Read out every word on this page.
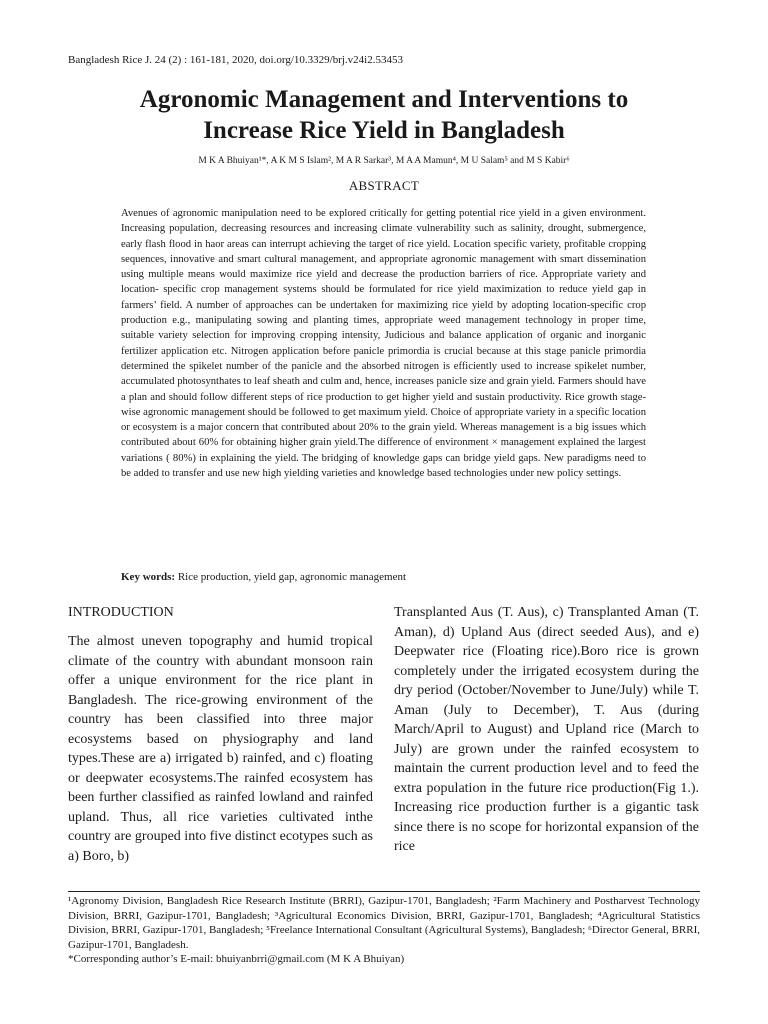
Bangladesh Rice J. 24 (2) : 161-181, 2020, doi.org/10.3329/brj.v24i2.53453
Agronomic Management and Interventions to
Increase Rice Yield in Bangladesh
M K A Bhuiyan¹*, A K M S Islam², M A R Sarkar³, M A A Mamun⁴, M U Salam⁵ and M S Kabir⁶
ABSTRACT

Avenues of agronomic manipulation need to be explored critically for getting potential rice yield in a given environment. Increasing population, decreasing resources and increasing climate vulnerability such as salinity, drought, submergence, early flash flood in haor areas can interrupt achieving the target of rice yield. Location specific variety, profitable cropping sequences, innovative and smart cultural management, and appropriate agronomic management with smart dissemination using multiple means would maximize rice yield and decrease the production barriers of rice. Appropriate variety and location- specific crop management systems should be formulated for rice yield maximization to reduce yield gap in farmers’ field. A number of approaches can be undertaken for maximizing rice yield by adopting location-specific crop production e.g., manipulating sowing and planting times, appropriate weed management technology in proper time, suitable variety selection for improving cropping intensity, Judicious and balance application of organic and inorganic fertilizer application etc. Nitrogen application before panicle primordia is crucial because at this stage panicle primordia determined the spikelet number of the panicle and the absorbed nitrogen is efficiently used to increase spikelet number, accumulated photosynthates to leaf sheath and culm and, hence, increases panicle size and grain yield. Farmers should have a plan and should follow different steps of rice production to get higher yield and sustain productivity. Rice growth stage- wise agronomic management should be followed to get maximum yield. Choice of appropriate variety in a specific location or ecosystem is a major concern that contributed about 20% to the grain yield. Whereas management is a big issues which contributed about 60% for obtaining higher grain yield.The difference of environment × management explained the largest variations ( 80%) in explaining the yield. The bridging of knowledge gaps can bridge yield gaps. New paradigms need to be added to transfer and use new high yielding varieties and knowledge based technologies under new policy settings.

Key words: Rice production, yield gap, agronomic management
INTRODUCTION

The almost uneven topography and humid tropical climate of the country with abundant monsoon rain offer a unique environment for the rice plant in Bangladesh. The rice-growing environment of the country has been classified into three major ecosystems based on physiography and land types.These are a) irrigated b) rainfed, and c) floating or deepwater ecosystems.The rainfed ecosystem has been further classified as rainfed lowland and rainfed upland. Thus, all rice varieties cultivated inthe country are grouped into five distinct ecotypes such as a) Boro, b)

Transplanted Aus (T. Aus), c) Transplanted Aman (T. Aman), d) Upland Aus (direct seeded Aus), and e) Deepwater rice (Floating rice).Boro rice is grown completely under the irrigated ecosystem during the dry period (October/November to June/July) while T. Aman (July to December), T. Aus (during March/April to August) and Upland rice (March to July) are grown under the rainfed ecosystem to maintain the current production level and to feed the extra population in the future rice production(Fig 1.). Increasing rice production further is a gigantic task since there is no scope for horizontal expansion of the rice

¹Agronomy Division, Bangladesh Rice Research Institute (BRRI), Gazipur-1701, Bangladesh; ²Farm Machinery and Postharvest Technology Division, BRRI, Gazipur-1701, Bangladesh; ³Agricultural Economics Division, BRRI, Gazipur-1701, Bangladesh; ⁴Agricultural Statistics Division, BRRI, Gazipur-1701, Bangladesh; ⁵Freelance International Consultant (Agricultural Systems), Bangladesh; ⁶Director General, BRRI, Gazipur-1701, Bangladesh.
*Corresponding author’s E-mail: bhuiyanbrri@gmail.com (M K A Bhuiyan)
